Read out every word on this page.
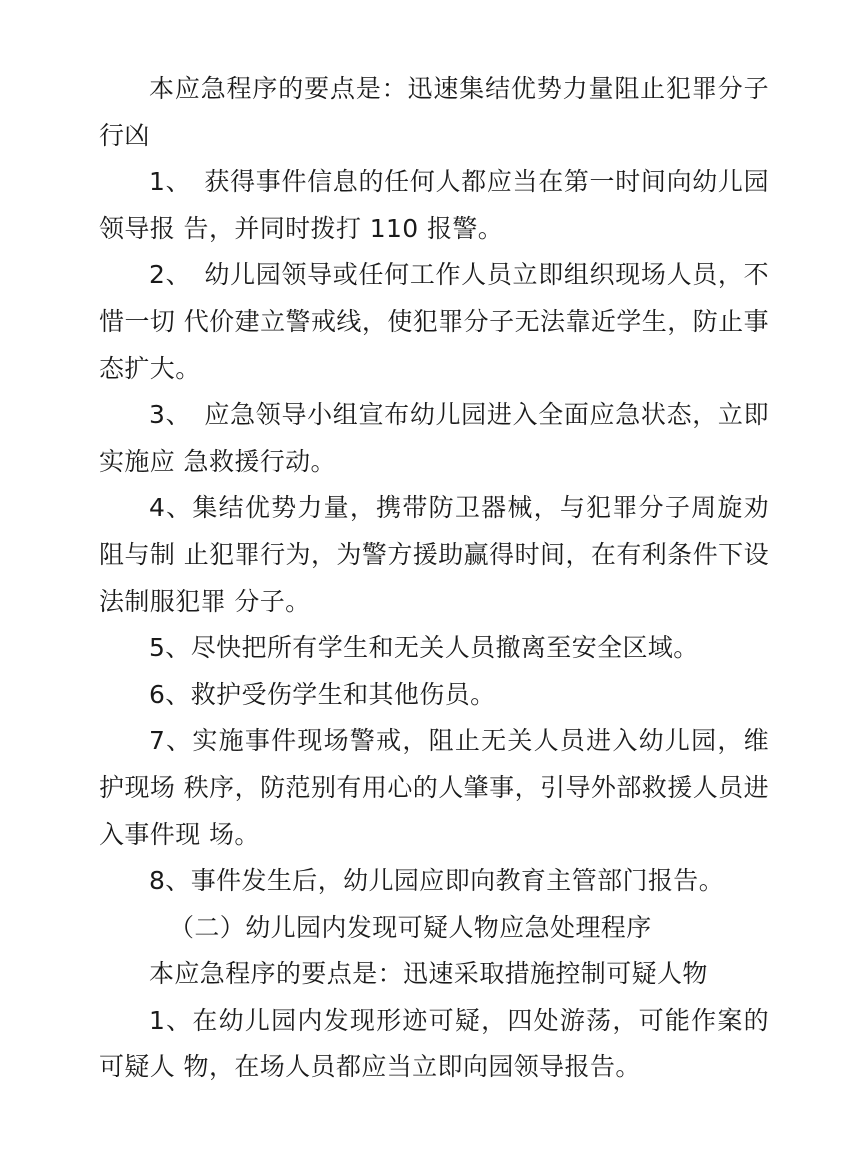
本应急程序的要点是：迅速集结优势力量阻止犯罪分子行凶

1、　获得事件信息的任何人都应当在第一时间向幼儿园领导报 告，并同时拨打 110 报警。

2、　幼儿园领导或任何工作人员立即组织现场人员，不惜一切 代价建立警戒线，使犯罪分子无法靠近学生，防止事态扩大。

3、　应急领导小组宣布幼儿园进入全面应急状态，立即实施应 急救援行动。

4、集结优势力量，携带防卫器械，与犯罪分子周旋劝阻与制 止犯罪行为，为警方援助赢得时间，在有利条件下设法制服犯罪 分子。

5、尽快把所有学生和无关人员撤离至安全区域。

6、救护受伤学生和其他伤员。

7、实施事件现场警戒，阻止无关人员进入幼儿园，维护现场 秩序，防范别有用心的人肇事，引导外部救援人员进入事件现 场。

8、事件发生后，幼儿园应即向教育主管部门报告。

（二）幼儿园内发现可疑人物应急处理程序

本应急程序的要点是：迅速采取措施控制可疑人物

1、在幼儿园内发现形迹可疑，四处游荡，可能作案的可疑人 物，在场人员都应当立即向园领导报告。
